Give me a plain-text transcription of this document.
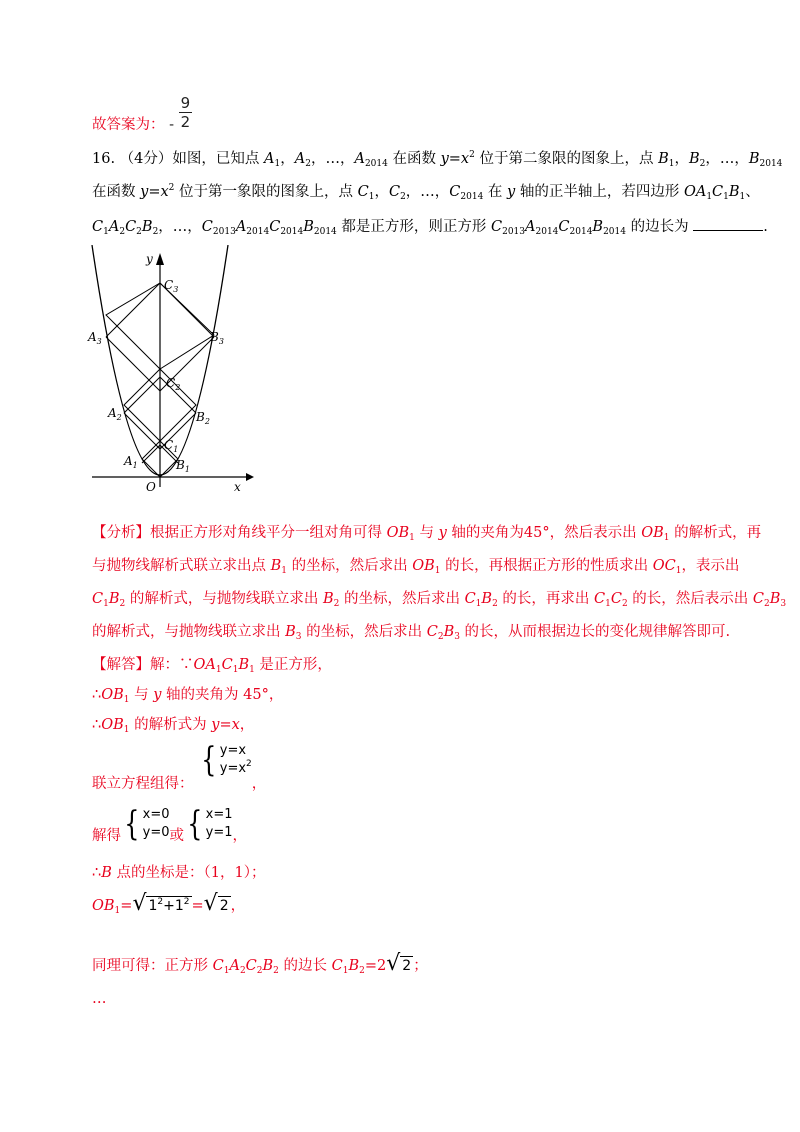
故答案为： - $\frac{9}{2}$
16. （4分）如图，已知点 $A_1$，$A_2$，…，$A_{2014}$ 在函数 $y=x^2$ 位于第二象限的图象上，点 $B_1$，$B_2$，…，$B_{2014}$
在函数 $y=x^2$ 位于第一象限的图象上，点 $C_1$，$C_2$，…，$C_{2014}$ 在 y 轴的正半轴上，若四边形 $OA_1C_1B_1$、
$C_1A_2C_2B_2$，…，$C_{2013}A_{2014}C_{2014}B_{2014}$ 都是正方形，则正方形 $C_{2013}A_{2014}C_{2014}B_{2014}$ 的边长为	.
y
x
O
$C_3$
$A_3$	$B_3$
$C_2$
$A_2$	$B_2$
$C_1$
$A_1$	$B_1$
【分析】根据正方形对角线平分一组对角可得 $OB_1$ 与 y 轴的夹角为45°，然后表示出 $OB_1$ 的解析式，再
与抛物线解析式联立求出点 $B_1$ 的坐标，然后求出 $OB_1$ 的长，再根据正方形的性质求出 $OC_1$，表示出
$C_1B_2$ 的解析式，与抛物线联立求出 $B_2$ 的坐标，然后求出 $C_1B_2$ 的长，再求出 $C_1C_2$ 的长，然后表示出 $C_2B_3$
的解析式，与抛物线联立求出 $B_3$ 的坐标，然后求出 $C_2B_3$ 的长，从而根据边长的变化规律解答即可.
【解答】解：$\because OA_1C_1B_1$ 是正方形，
$\therefore OB_1$ 与 y 轴的夹角为 45°，
$\therefore OB_1$ 的解析式为 y=x，
联立方程组得：
{ y=x
$y=x^2$
，
解得 { x=0
y=0 或 { x=1
y=1 ，
∴B 点的坐标是：（1，1）；
$OB_1=$ √ $1^2+1^2$ = √ 2 ，
同理可得：正方形 $C_1A_2C_2B_2$ 的边长 $C_1B_2=2$ √ 2 ；
…
